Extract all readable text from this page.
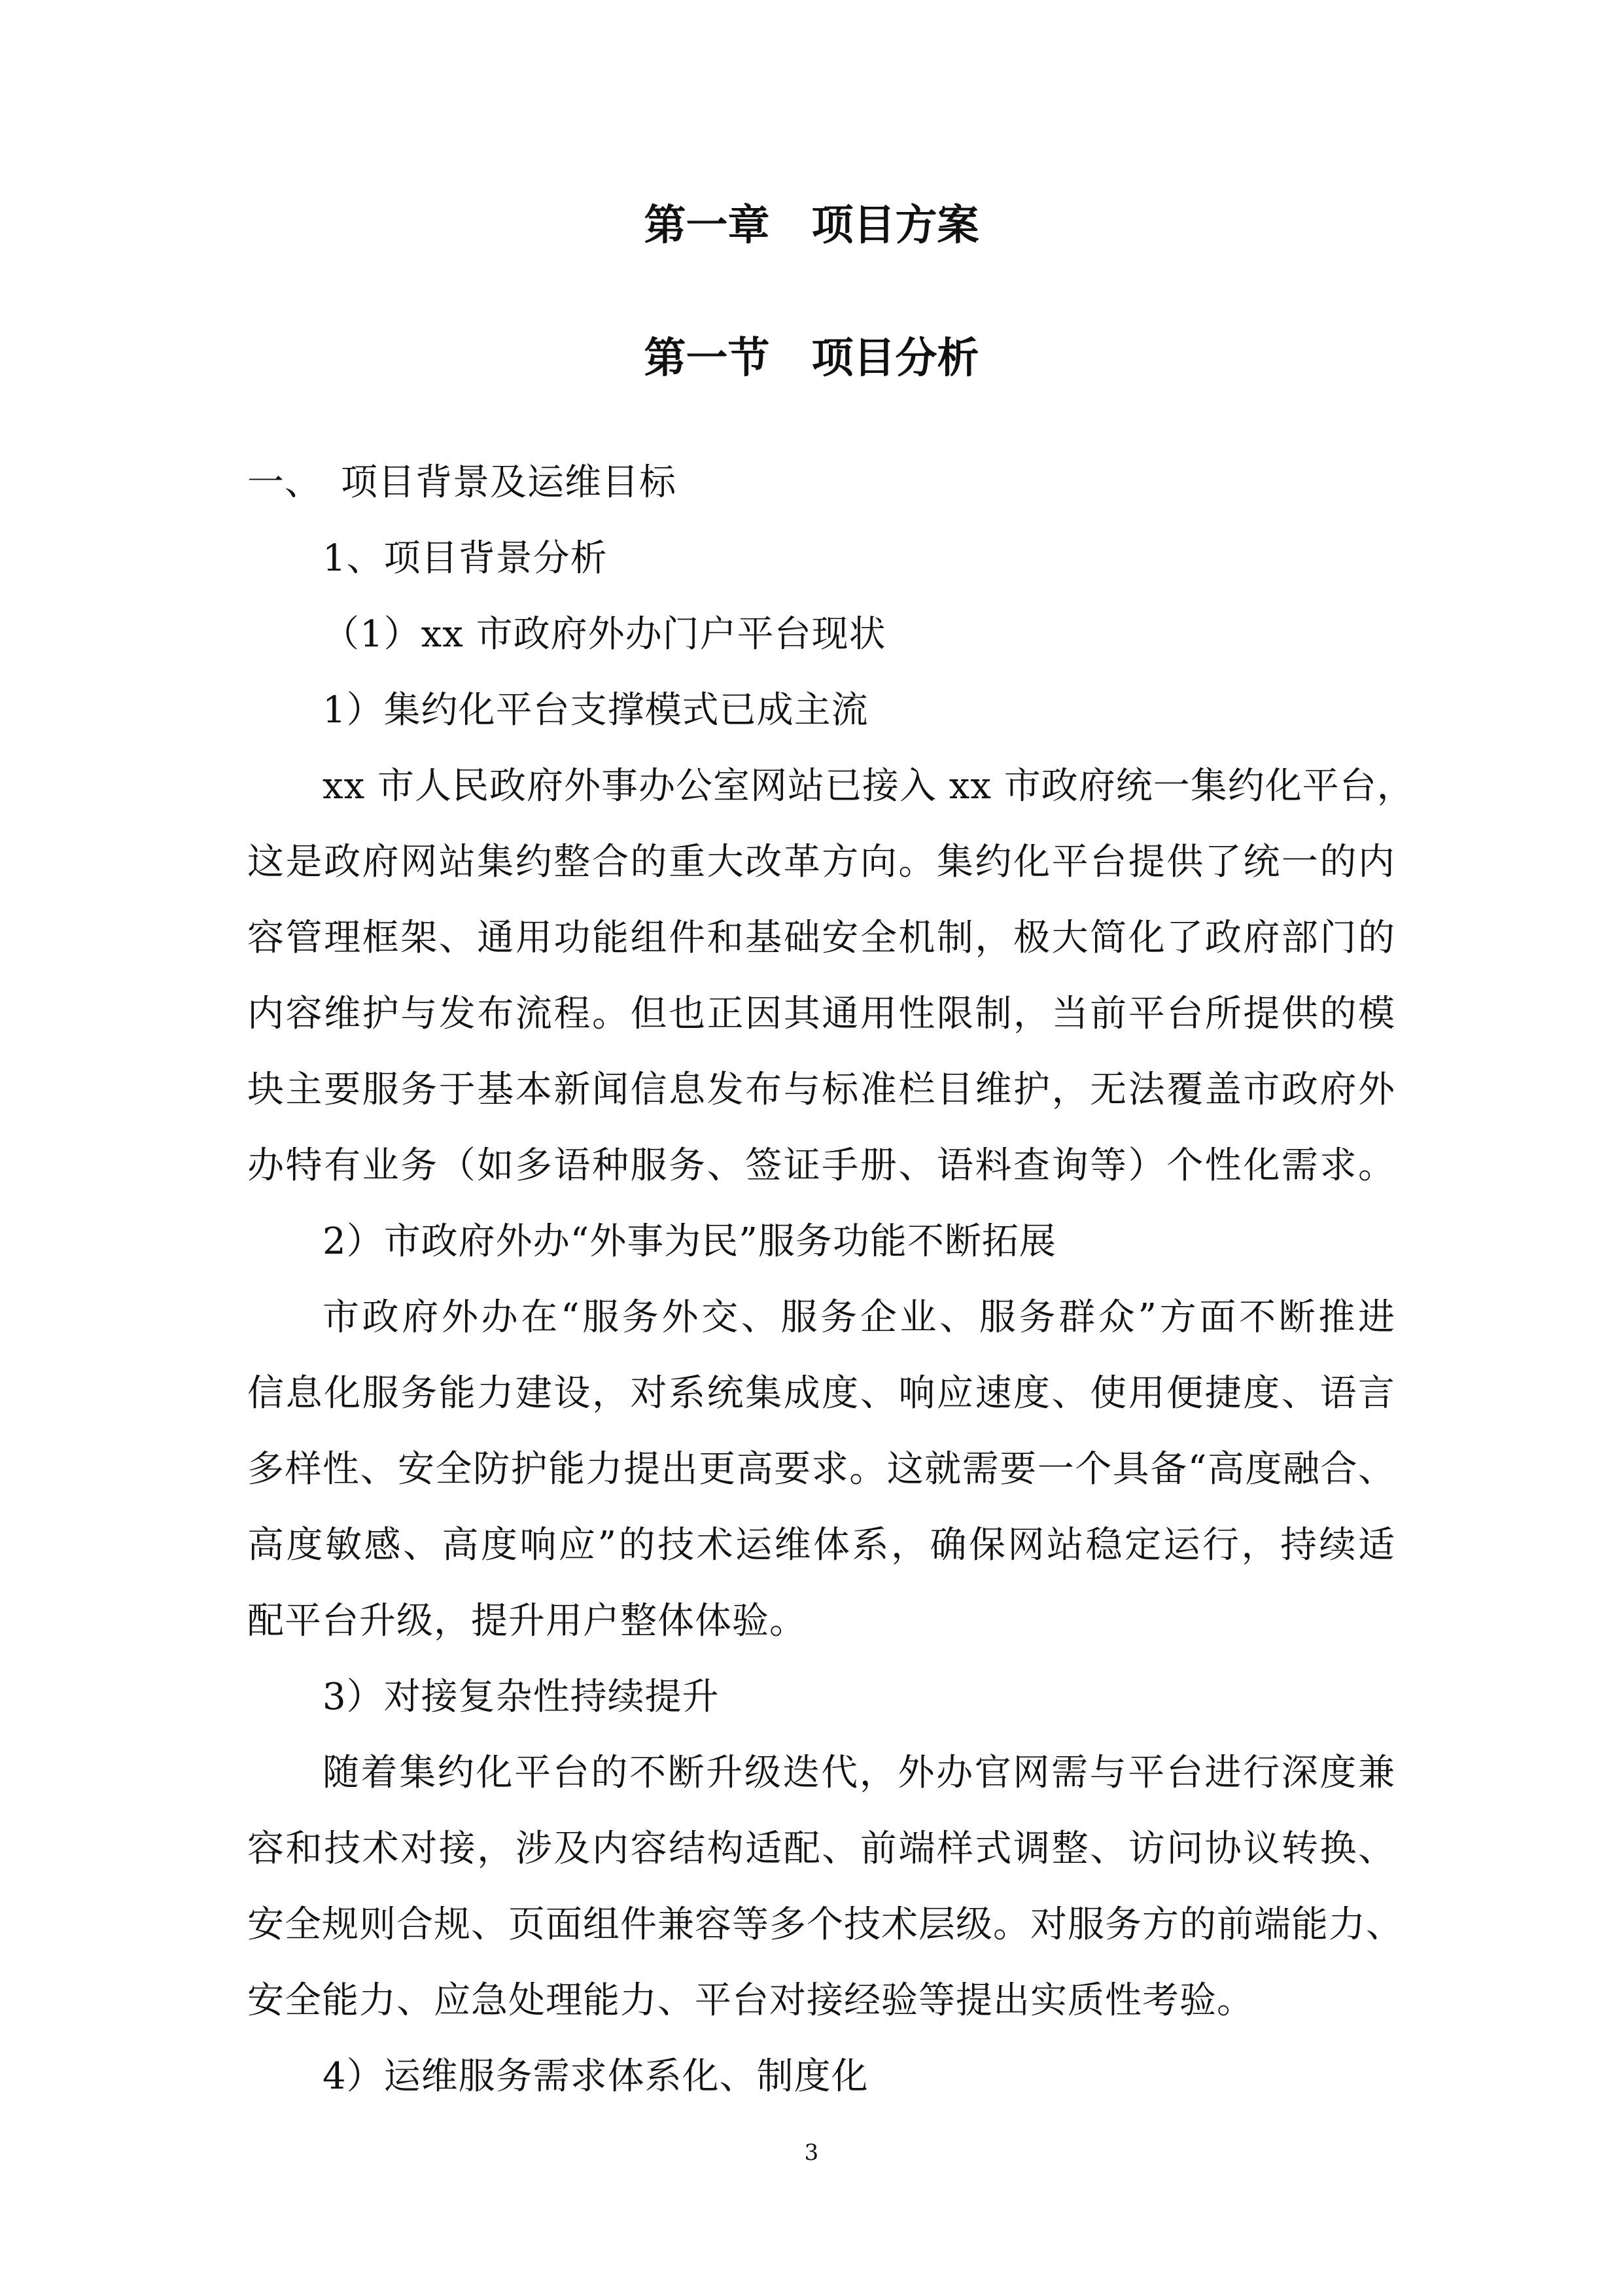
第一章　项目方案
第一节　项目分析
一、　项目背景及运维目标
1、项目背景分析
（1）xx 市政府外办门户平台现状
1）集约化平台支撑模式已成主流
xx 市人民政府外事办公室网站已接入 xx 市政府统一集约化平台，
这是政府网站集约整合的重大改革方向。集约化平台提供了统一的内
容管理框架、通用功能组件和基础安全机制，极大简化了政府部门的
内容维护与发布流程。但也正因其通用性限制，当前平台所提供的模
块主要服务于基本新闻信息发布与标准栏目维护，无法覆盖市政府外
办特有业务（如多语种服务、签证手册、语料查询等）个性化需求。
2）市政府外办“外事为民”服务功能不断拓展
市政府外办在“服务外交、服务企业、服务群众”方面不断推进
信息化服务能力建设，对系统集成度、响应速度、使用便捷度、语言
多样性、安全防护能力提出更高要求。这就需要一个具备“高度融合、
高度敏感、高度响应”的技术运维体系，确保网站稳定运行，持续适
配平台升级，提升用户整体体验。
3）对接复杂性持续提升
随着集约化平台的不断升级迭代，外办官网需与平台进行深度兼
容和技术对接，涉及内容结构适配、前端样式调整、访问协议转换、
安全规则合规、页面组件兼容等多个技术层级。对服务方的前端能力、
安全能力、应急处理能力、平台对接经验等提出实质性考验。
4）运维服务需求体系化、制度化
3
